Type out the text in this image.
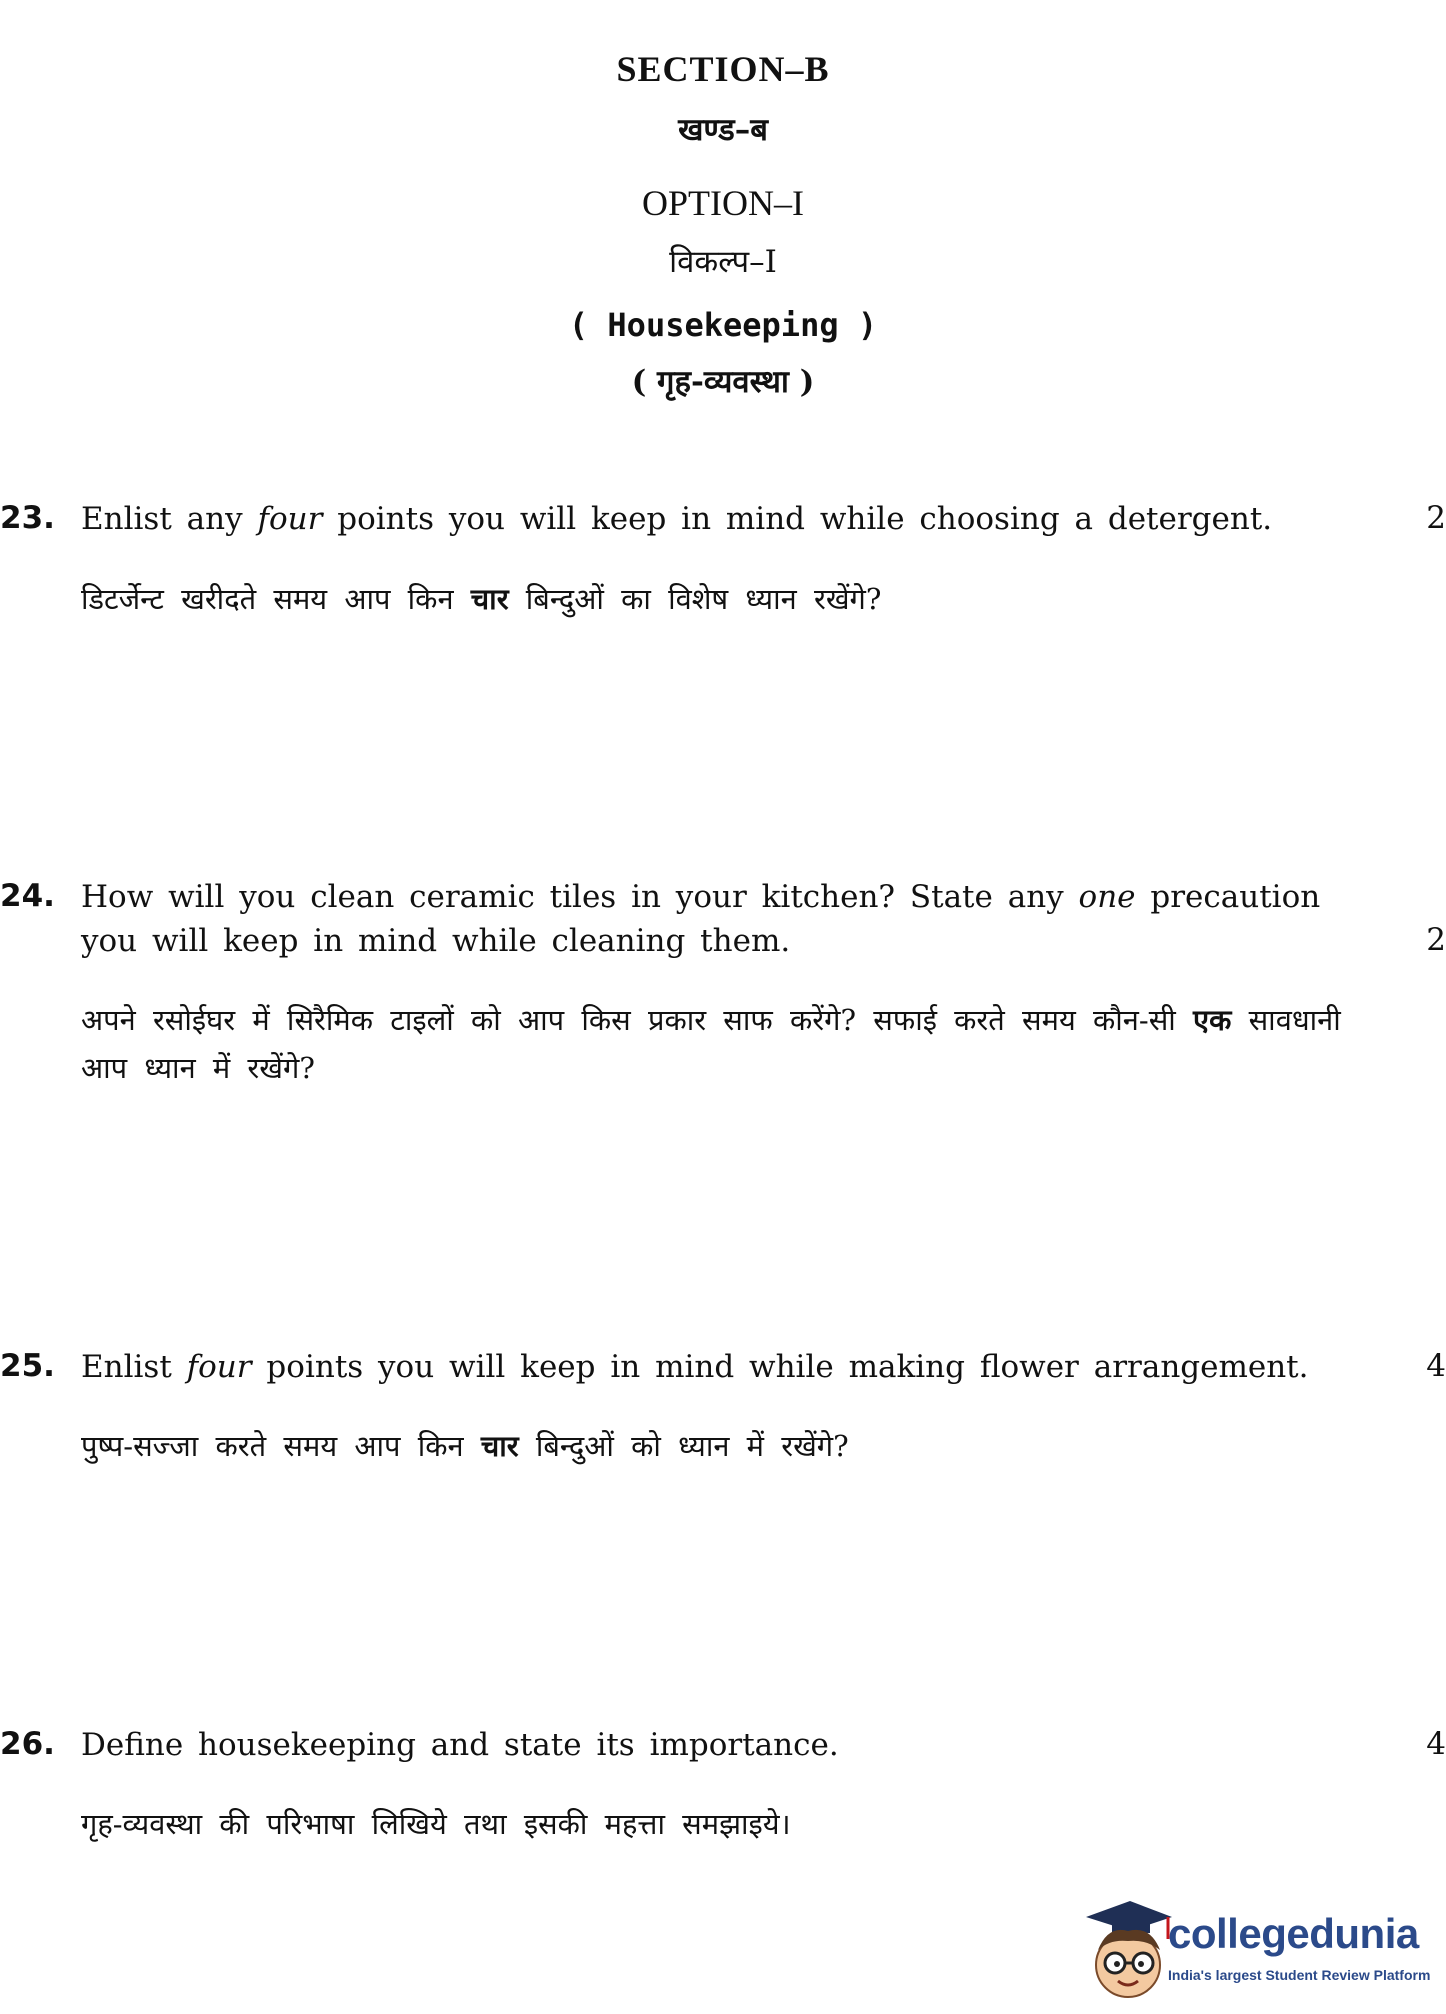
SECTION–B
खण्ड–ब
OPTION–I
विकल्प–I
( Housekeeping )
( गृह-व्यवस्था )
23. Enlist any four points you will keep in mind while choosing a detergent.	2
डिटर्जेन्ट खरीदते समय आप किन चार बिन्दुओं का विशेष ध्यान रखेंगे?
24. How will you clean ceramic tiles in your kitchen? State any one precaution you will keep in mind while cleaning them.	2
अपने रसोईघर में सिरैमिक टाइलों को आप किस प्रकार साफ करेंगे? सफाई करते समय कौन-सी एक सावधानी आप ध्यान में रखेंगे?
25. Enlist four points you will keep in mind while making flower arrangement.	4
पुष्प-सज्जा करते समय आप किन चार बिन्दुओं को ध्यान में रखेंगे?
26. Define housekeeping and state its importance.	4
गृह-व्यवस्था की परिभाषा लिखिये तथा इसकी महत्ता समझाइये।
collegedunia
India's largest Student Review Platform
